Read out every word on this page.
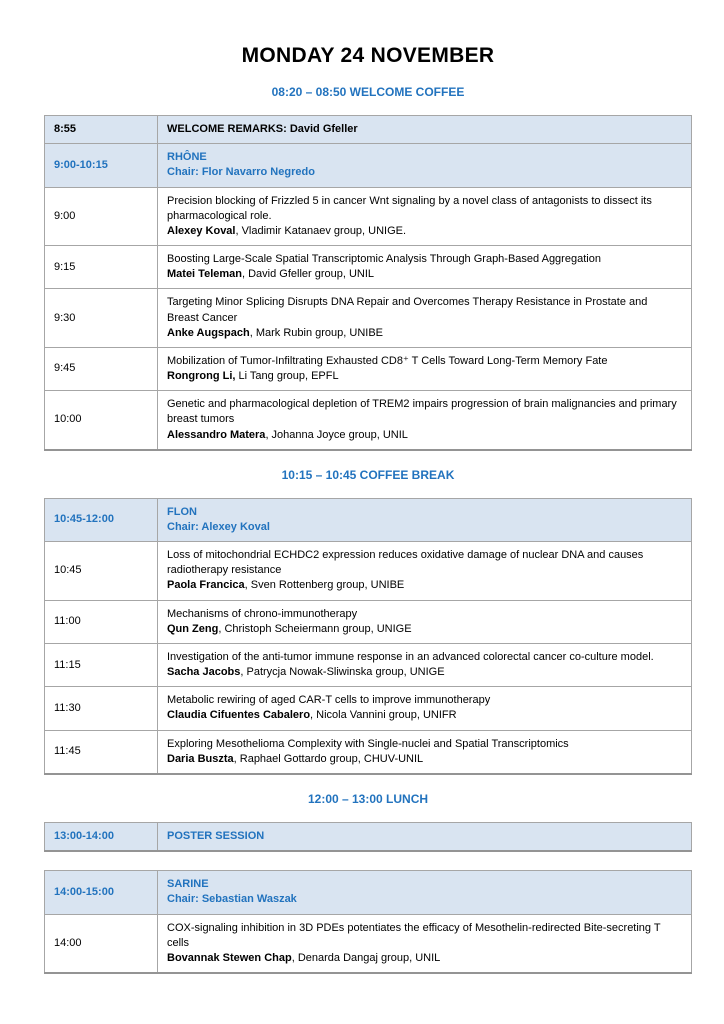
MONDAY 24 NOVEMBER
08:20 – 08:50 WELCOME COFFEE
8:55	WELCOME REMARKS: David Gfeller
9:00-10:15	RHÔNE
Chair: Flor Navarro Negredo

9:00	Precision blocking of Frizzled 5 in cancer Wnt signaling by a novel class of antagonists to dissect its pharmacological role.
Alexey Koval, Vladimir Katanaev group, UNIGE.

9:15	Boosting Large-Scale Spatial Transcriptomic Analysis Through Graph-Based Aggregation
Matei Teleman, David Gfeller group, UNIL

9:30	Targeting Minor Splicing Disrupts DNA Repair and Overcomes Therapy Resistance in Prostate and Breast Cancer
Anke Augspach, Mark Rubin group, UNIBE

9:45	Mobilization of Tumor-Infiltrating Exhausted CD8⁺ T Cells Toward Long-Term Memory Fate
Rongrong Li, Li Tang group, EPFL

10:00	Genetic and pharmacological depletion of TREM2 impairs progression of brain malignancies and primary breast tumors
Alessandro Matera, Johanna Joyce group, UNIL
10:15 – 10:45 COFFEE BREAK
10:45-12:00	FLON
Chair: Alexey Koval

10:45	Loss of mitochondrial ECHDC2 expression reduces oxidative damage of nuclear DNA and causes radiotherapy resistance
Paola Francica, Sven Rottenberg group, UNIBE

11:00	Mechanisms of chrono-immunotherapy
Qun Zeng, Christoph Scheiermann group, UNIGE

11:15	Investigation of the anti-tumor immune response in an advanced colorectal cancer co-culture model.
Sacha Jacobs, Patrycja Nowak-Sliwinska group, UNIGE

11:30	Metabolic rewiring of aged CAR-T cells to improve immunotherapy
Claudia Cifuentes Cabalero, Nicola Vannini group, UNIFR

11:45	Exploring Mesothelioma Complexity with Single-nuclei and Spatial Transcriptomics
Daria Buszta, Raphael Gottardo group, CHUV-UNIL
12:00 – 13:00 LUNCH
13:00-14:00	POSTER SESSION
14:00-15:00	SARINE
Chair: Sebastian Waszak

14:00	COX-signaling inhibition in 3D PDEs potentiates the efficacy of Mesothelin-redirected Bite-secreting T cells
Bovannak Stewen Chap, Denarda Dangaj group, UNIL
